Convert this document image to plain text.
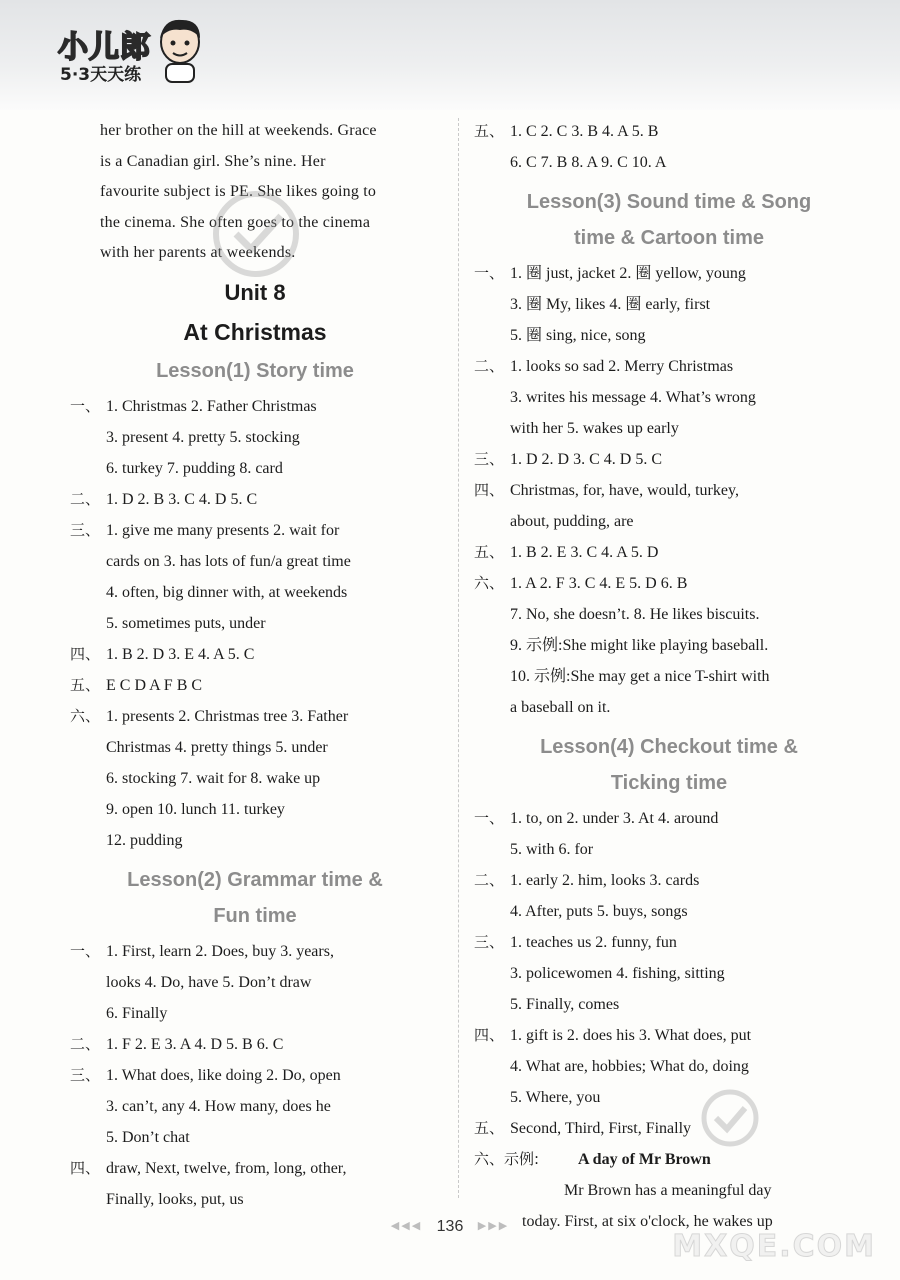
小儿郎
5·3天天练

her brother on the hill at weekends. Grace

is a Canadian girl. She’s nine. Her

favourite subject is PE. She likes going to

the cinema. She often goes to the cinema

with her parents at weekends.

Unit 8
At Christmas
Lesson(1) Story time

一、 1. Christmas 2. Father Christmas

3. present 4. pretty 5. stocking

6. turkey 7. pudding 8. card

二、 1. D 2. B 3. C 4. D 5. C

三、 1. give me many presents 2. wait for

cards on 3. has lots of fun/a great time

4. often, big dinner with, at weekends

5. sometimes puts, under

四、 1. B 2. D 3. E 4. A 5. C

五、 E C D A F B C

六、 1. presents 2. Christmas tree 3. Father

Christmas 4. pretty things 5. under

6. stocking 7. wait for 8. wake up

9. open 10. lunch 11. turkey

12. pudding

Lesson(2) Grammar time &
Fun time

一、 1. First, learn 2. Does, buy 3. years,

looks 4. Do, have 5. Don’t draw

6. Finally

二、 1. F 2. E 3. A 4. D 5. B 6. C

三、 1. What does, like doing 2. Do, open

3. can’t, any 4. How many, does he

5. Don’t chat

四、 draw, Next, twelve, from, long, other,

Finally, looks, put, us

五、 1. C 2. C 3. B 4. A 5. B

6. C 7. B 8. A 9. C 10. A

Lesson(3) Sound time & Song
time & Cartoon time

一、 1. 圈 just, jacket 2. 圈 yellow, young

3. 圈 My, likes 4. 圈 early, first

5. 圈 sing, nice, song

二、 1. looks so sad 2. Merry Christmas

3. writes his message 4. What’s wrong

with her 5. wakes up early

三、 1. D 2. D 3. C 4. D 5. C

四、 Christmas, for, have, would, turkey,

about, pudding, are

五、 1. B 2. E 3. C 4. A 5. D

六、 1. A 2. F 3. C 4. E 5. D 6. B

7. No, she doesn’t. 8. He likes biscuits.

9. 示例:She might like playing baseball.

10. 示例:She may get a nice T-shirt with

a baseball on it.

Lesson(4) Checkout time &
Ticking time

一、 1. to, on 2. under 3. At 4. around

5. with 6. for

二、 1. early 2. him, looks 3. cards

4. After, puts 5. buys, songs

三、 1. teaches us 2. funny, fun

3. policewomen 4. fishing, sitting

5. Finally, comes

四、 1. gift is 2. does his 3. What does, put

4. What are, hobbies; What do, doing

5. Where, you

五、 Second, Third, First, Finally

六、示例: A day of Mr Brown

Mr Brown has a meaningful day

today. First, at six o'clock, he wakes up

◀◀◀ 136 ▶▶▶
MXQE.COM
